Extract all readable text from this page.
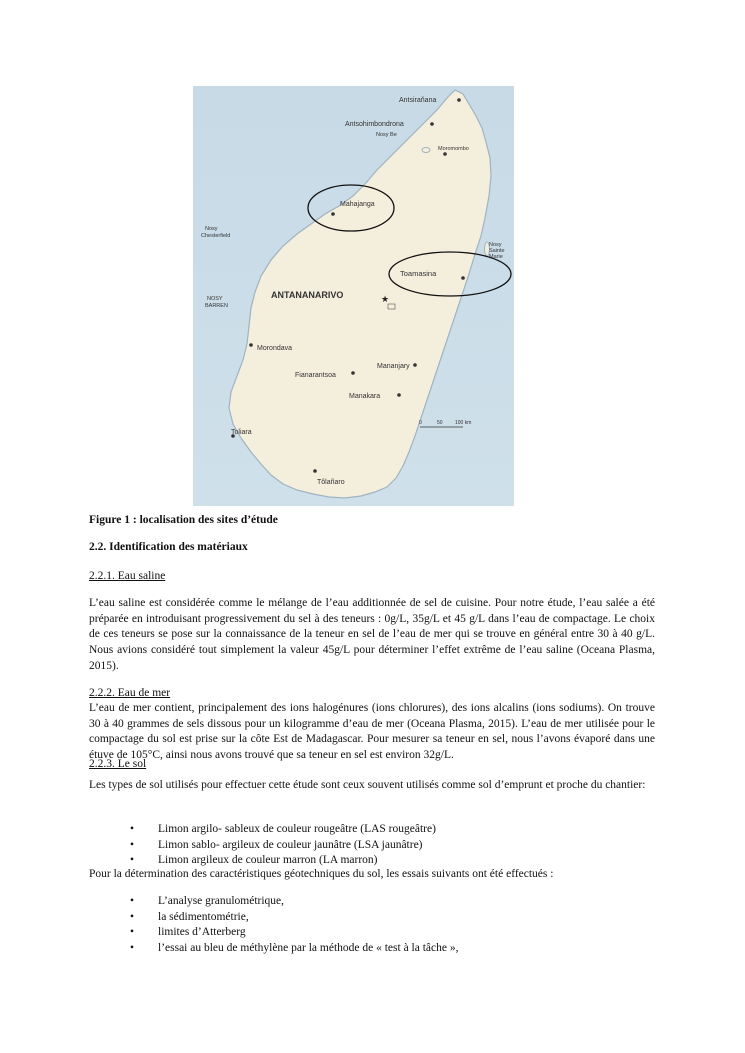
★
Antsiraňana
Antsohimbondrona
Nosy Be
Moromombo
Mahajanga
Nosy Chesterfield
Nosy Sainte Marie
Toamasina
ANTANANARIVO
NOSY BARREN
Morondava
Mananjary
Fianarantsoa
Manakara
Toliara
Tôlañaro
0	50 100 km
Figure 1 : localisation des sites d’étude
2.2. Identification des matériaux
2.2.1. Eau saline
L’eau saline est considérée comme le mélange de l’eau additionnée de sel de cuisine. Pour notre étude, l’eau salée a été préparée en introduisant progressivement du sel à des teneurs : 0g/L, 35g/L et 45 g/L dans l’eau de compactage. Le choix de ces teneurs se pose sur la connaissance de la teneur en sel de l’eau de mer qui se trouve en général entre 30 à 40 g/L. Nous avions considéré tout simplement la valeur 45g/L pour déterminer l’effet extrême de l’eau saline (Oceana Plasma, 2015).
2.2.2. Eau de mer
L’eau de mer contient, principalement des ions halogénures (ions chlorures), des ions alcalins (ions sodiums). On trouve 30 à 40 grammes de sels dissous pour un kilogramme d’eau de mer (Oceana Plasma, 2015). L’eau de mer utilisée pour le compactage du sol est prise sur la côte Est de Madagascar. Pour mesurer sa teneur en sel, nous l’avons évaporé dans une étuve de 105°C, ainsi nous avons trouvé que sa teneur en sel est environ 32g/L.
2.2.3. Le sol
Les types de sol utilisés pour effectuer cette étude sont ceux souvent utilisés comme sol d’emprunt et proche du chantier:
• Limon argilo- sableux de couleur rougeâtre (LAS rougeâtre)
• Limon sablo- argileux de couleur jaunâtre (LSA jaunâtre)
• Limon argileux de couleur marron (LA marron)
Pour la détermination des caractéristiques géotechniques du sol, les essais suivants ont été effectués :
• L’analyse granulométrique,
• la sédimentométrie,
• limites d’Atterberg
• l’essai au bleu de méthylène par la méthode de « test à la tâche »,
